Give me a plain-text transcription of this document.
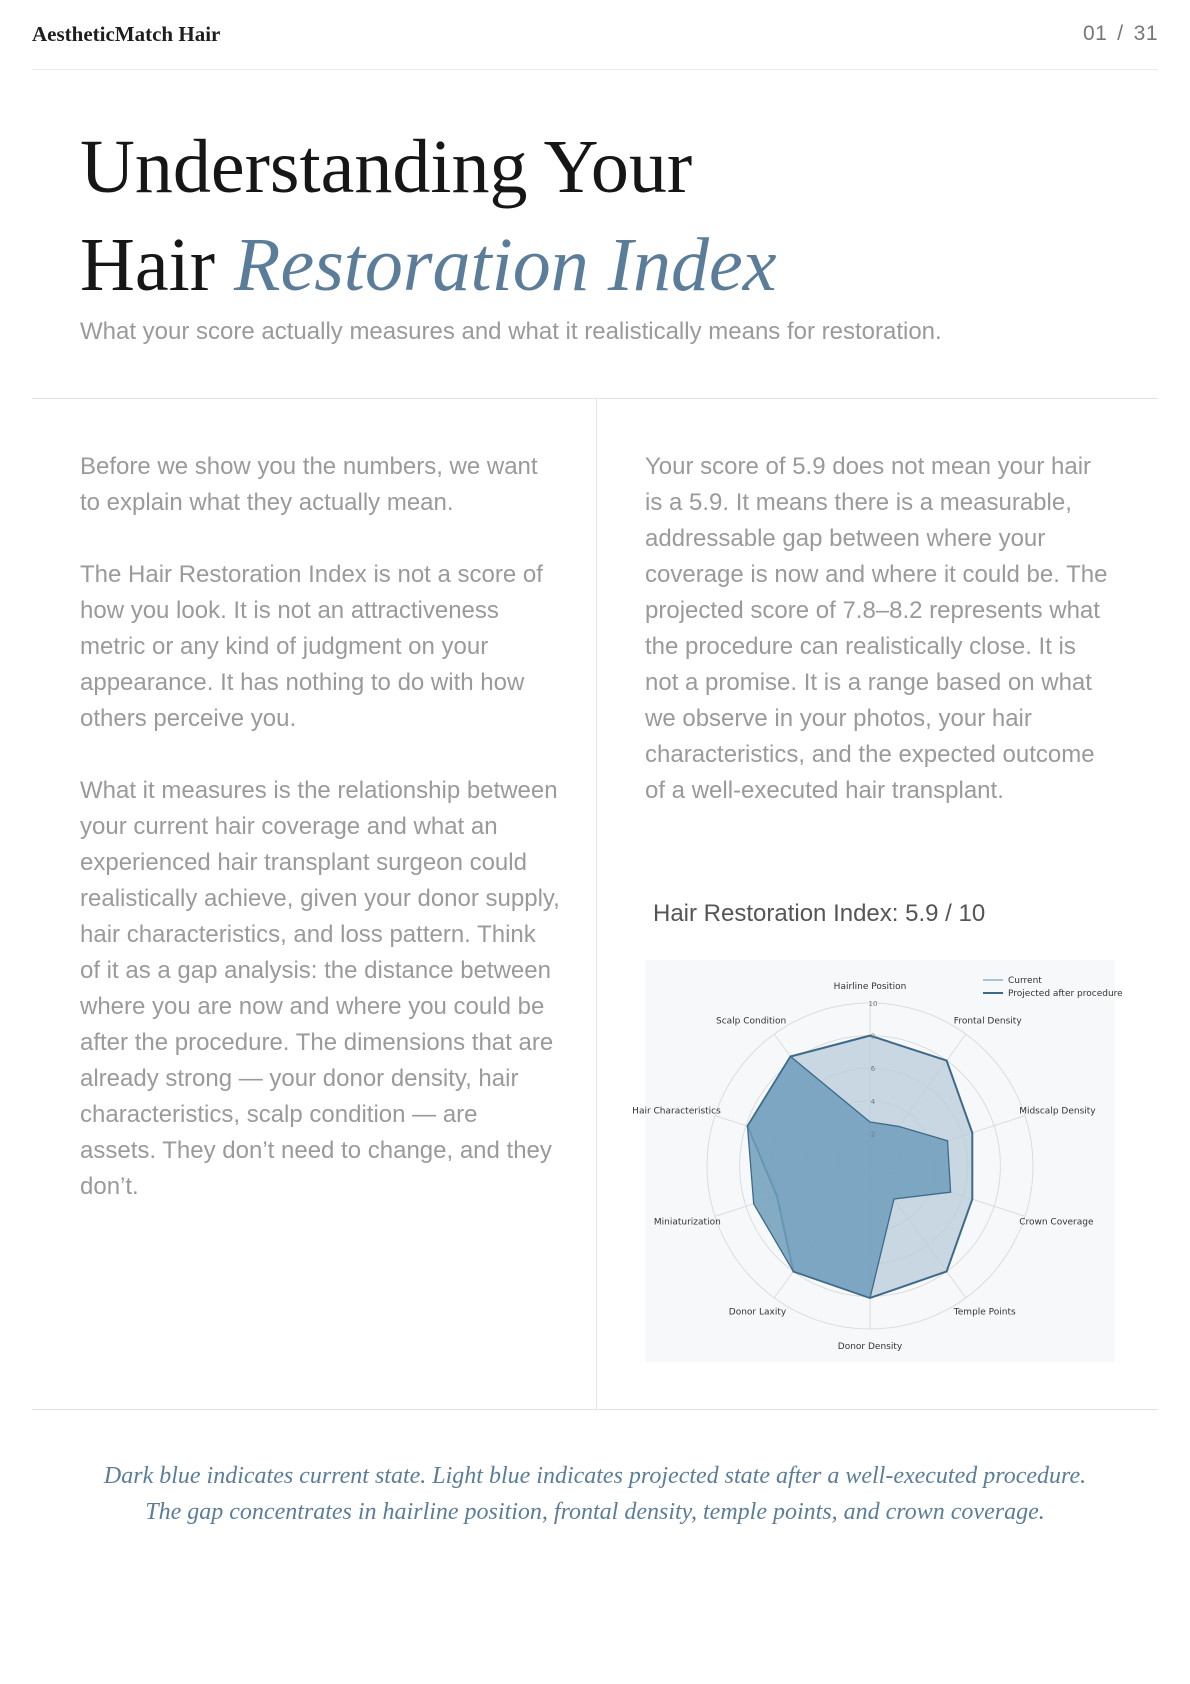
AestheticMatch Hair	01 / 31
Understanding Your
Hair Restoration Index

What your score actually measures and what it realistically means for restoration.

Before we show you the numbers, we want to explain what they actually mean.

The Hair Restoration Index is not a score of how you look. It is not an attractiveness metric or any kind of judgment on your appearance. It has nothing to do with how others perceive you.

What it measures is the relationship between your current hair coverage and what an experienced hair transplant surgeon could realistically achieve, given your donor supply, hair characteristics, and loss pattern. Think of it as a gap analysis: the distance between where you are now and where you could be after the procedure. The dimensions that are already strong — your donor density, hair characteristics, scalp condition — are assets. They don’t need to change, and they don’t.

Your score of 5.9 does not mean your hair is a 5.9. It means there is a measurable, addressable gap between where your coverage is now and where it could be. The projected score of 7.8–8.2 represents what the procedure can realistically close. It is not a promise. It is a range based on what we observe in your photos, your hair characteristics, and the expected outcome of a well-executed hair transplant.

Hair Restoration Index: 5.9 / 10
2
4
6
8
10
Hairline Position
Frontal Density
Midscalp Density
Crown Coverage
Temple Points
Donor Density
Donor Laxity
Miniaturization
Hair Characteristics
Scalp Condition
Current
Projected after procedure

Dark blue indicates current state. Light blue indicates projected state after a well-executed procedure.

The gap concentrates in hairline position, frontal density, temple points, and crown coverage.
